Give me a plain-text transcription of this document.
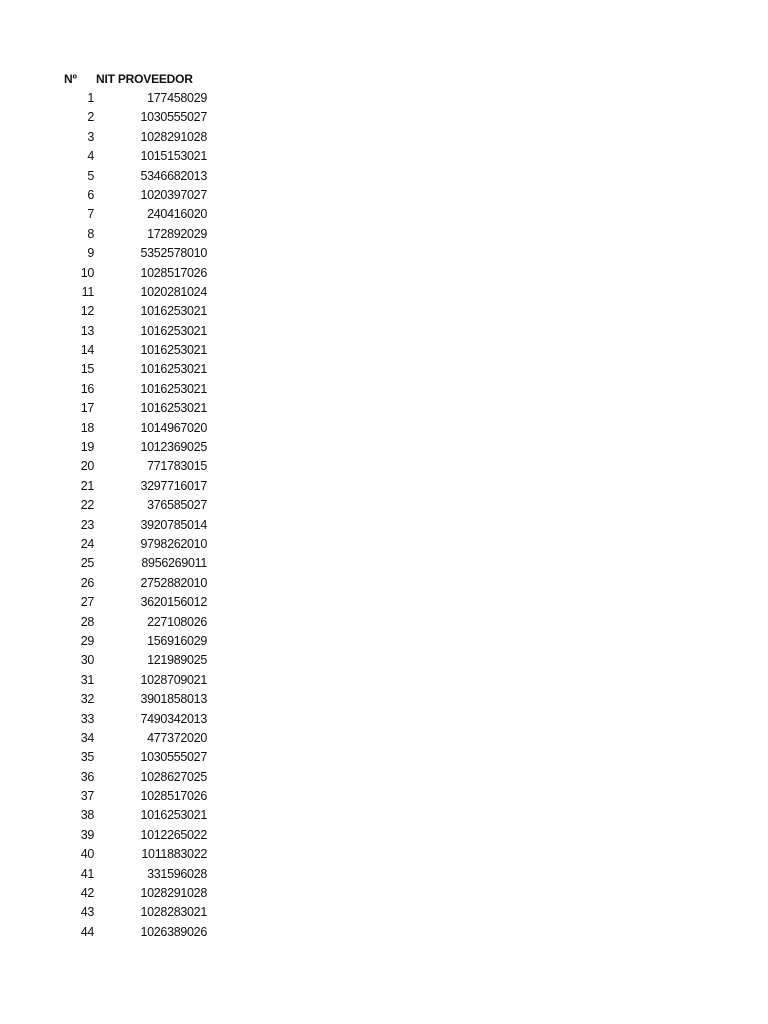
Nº NIT PROVEEDOR
1	177458029
2	1030555027
3	1028291028
4	1015153021
5	5346682013
6	1020397027
7	240416020
8	172892029
9	5352578010
10	1028517026
11	1020281024
12	1016253021
13	1016253021
14	1016253021
15	1016253021
16	1016253021
17	1016253021
18	1014967020
19	1012369025
20	771783015
21	3297716017
22	376585027
23	3920785014
24	9798262010
25	8956269011
26	2752882010
27	3620156012
28	227108026
29	156916029
30	121989025
31	1028709021
32	3901858013
33	7490342013
34	477372020
35	1030555027
36	1028627025
37	1028517026
38	1016253021
39	1012265022
40	1011883022
41	331596028
42	1028291028
43	1028283021
44	1026389026
